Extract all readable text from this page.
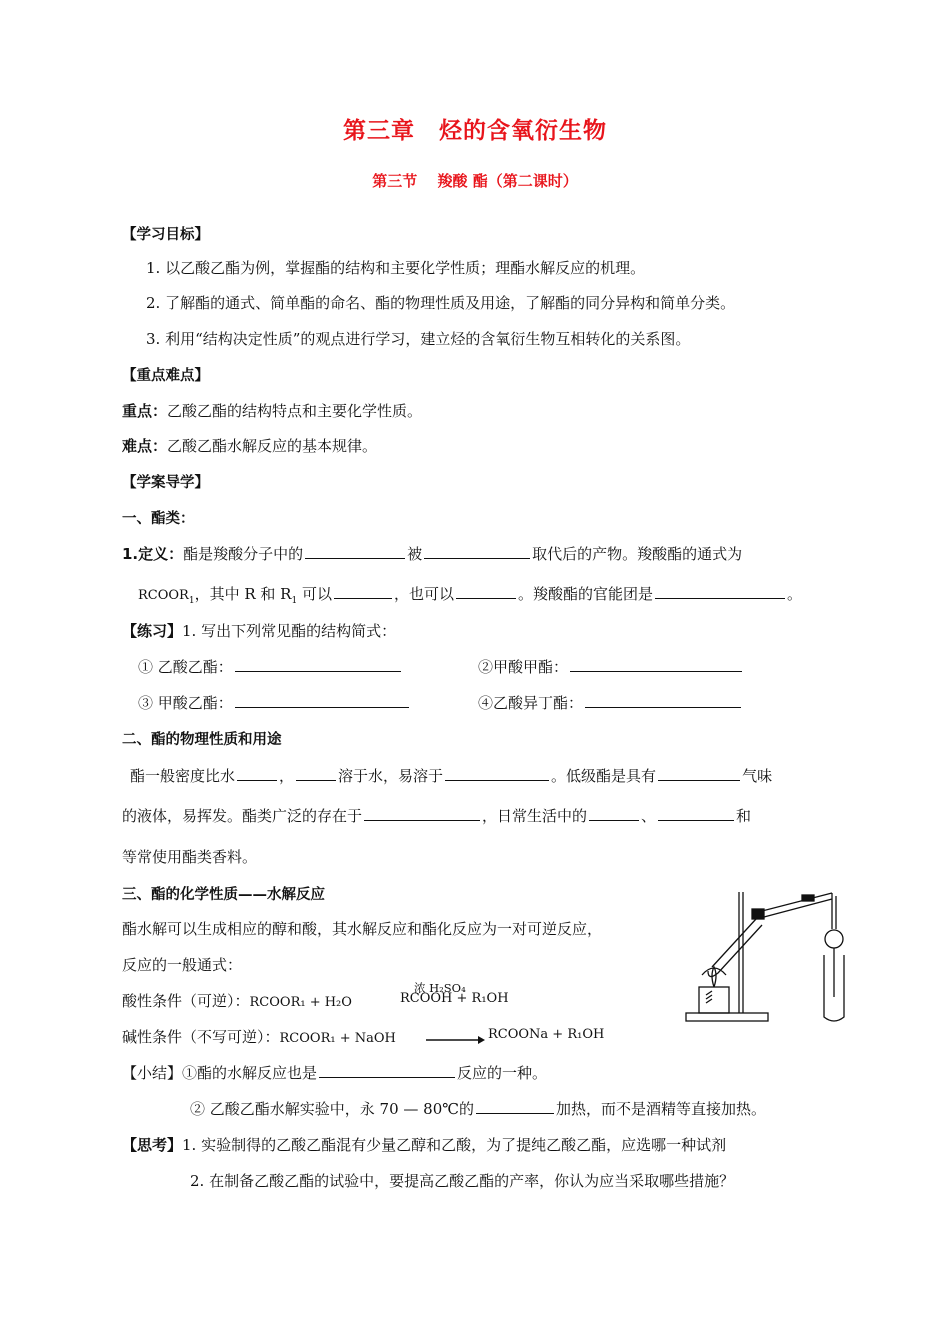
第三章　烃的含氧衍生物
第三节　 羧酸 酯（第二课时）
【学习目标】
1. 以乙酸乙酯为例，掌握酯的结构和主要化学性质；理酯水解反应的机理。
2. 了解酯的通式、简单酯的命名、酯的物理性质及用途，了解酯的同分异构和简单分类。
3. 利用“结构决定性质”的观点进行学习，建立烃的含氧衍生物互相转化的关系图。
【重点难点】
重点：乙酸乙酯的结构特点和主要化学性质。
难点：乙酸乙酯水解反应的基本规律。
【学案导学】
一、酯类：
1.定义：酯是羧酸分子中的	被	取代后的产物。羧酸酯的通式为
$RCOOR_1$，其中 R 和 $R_1$ 可以	，也可以	。羧酸酯的官能团是	。
【练习】1. 写出下列常见酯的结构简式：
① 乙酸乙酯：	②甲酸甲酯：
③ 甲酸乙酯：	④乙酸异丁酯：
二、酯的物理性质和用途
酯一般密度比水	，	溶于水，易溶于	。低级酯是具有	气味
的液体，易挥发。酯类广泛的存在于	，日常生活中的	、	和
等常使用酯类香料。
三、酯的化学性质——水解反应
酯水解可以生成相应的醇和酸，其水解反应和酯化反应为一对可逆反应，
反应的一般通式：
浓 H₂SO₄
酸性条件（可逆）：RCOOR₁ + H₂O	RCOOH + R₁OH
碱性条件（不写可逆）：RCOOR₁ + NaOH	RCOONa + R₁OH
【小结】①酯的水解反应也是	反应的一种。
② 乙酸乙酯水解实验中，永 70 — 80℃的	加热，而不是酒精等直接加热。
【思考】1. 实验制得的乙酸乙酯混有少量乙醇和乙酸，为了提纯乙酸乙酯，应选哪一种试剂
2. 在制备乙酸乙酯的试验中，要提高乙酸乙酯的产率，你认为应当采取哪些措施？
